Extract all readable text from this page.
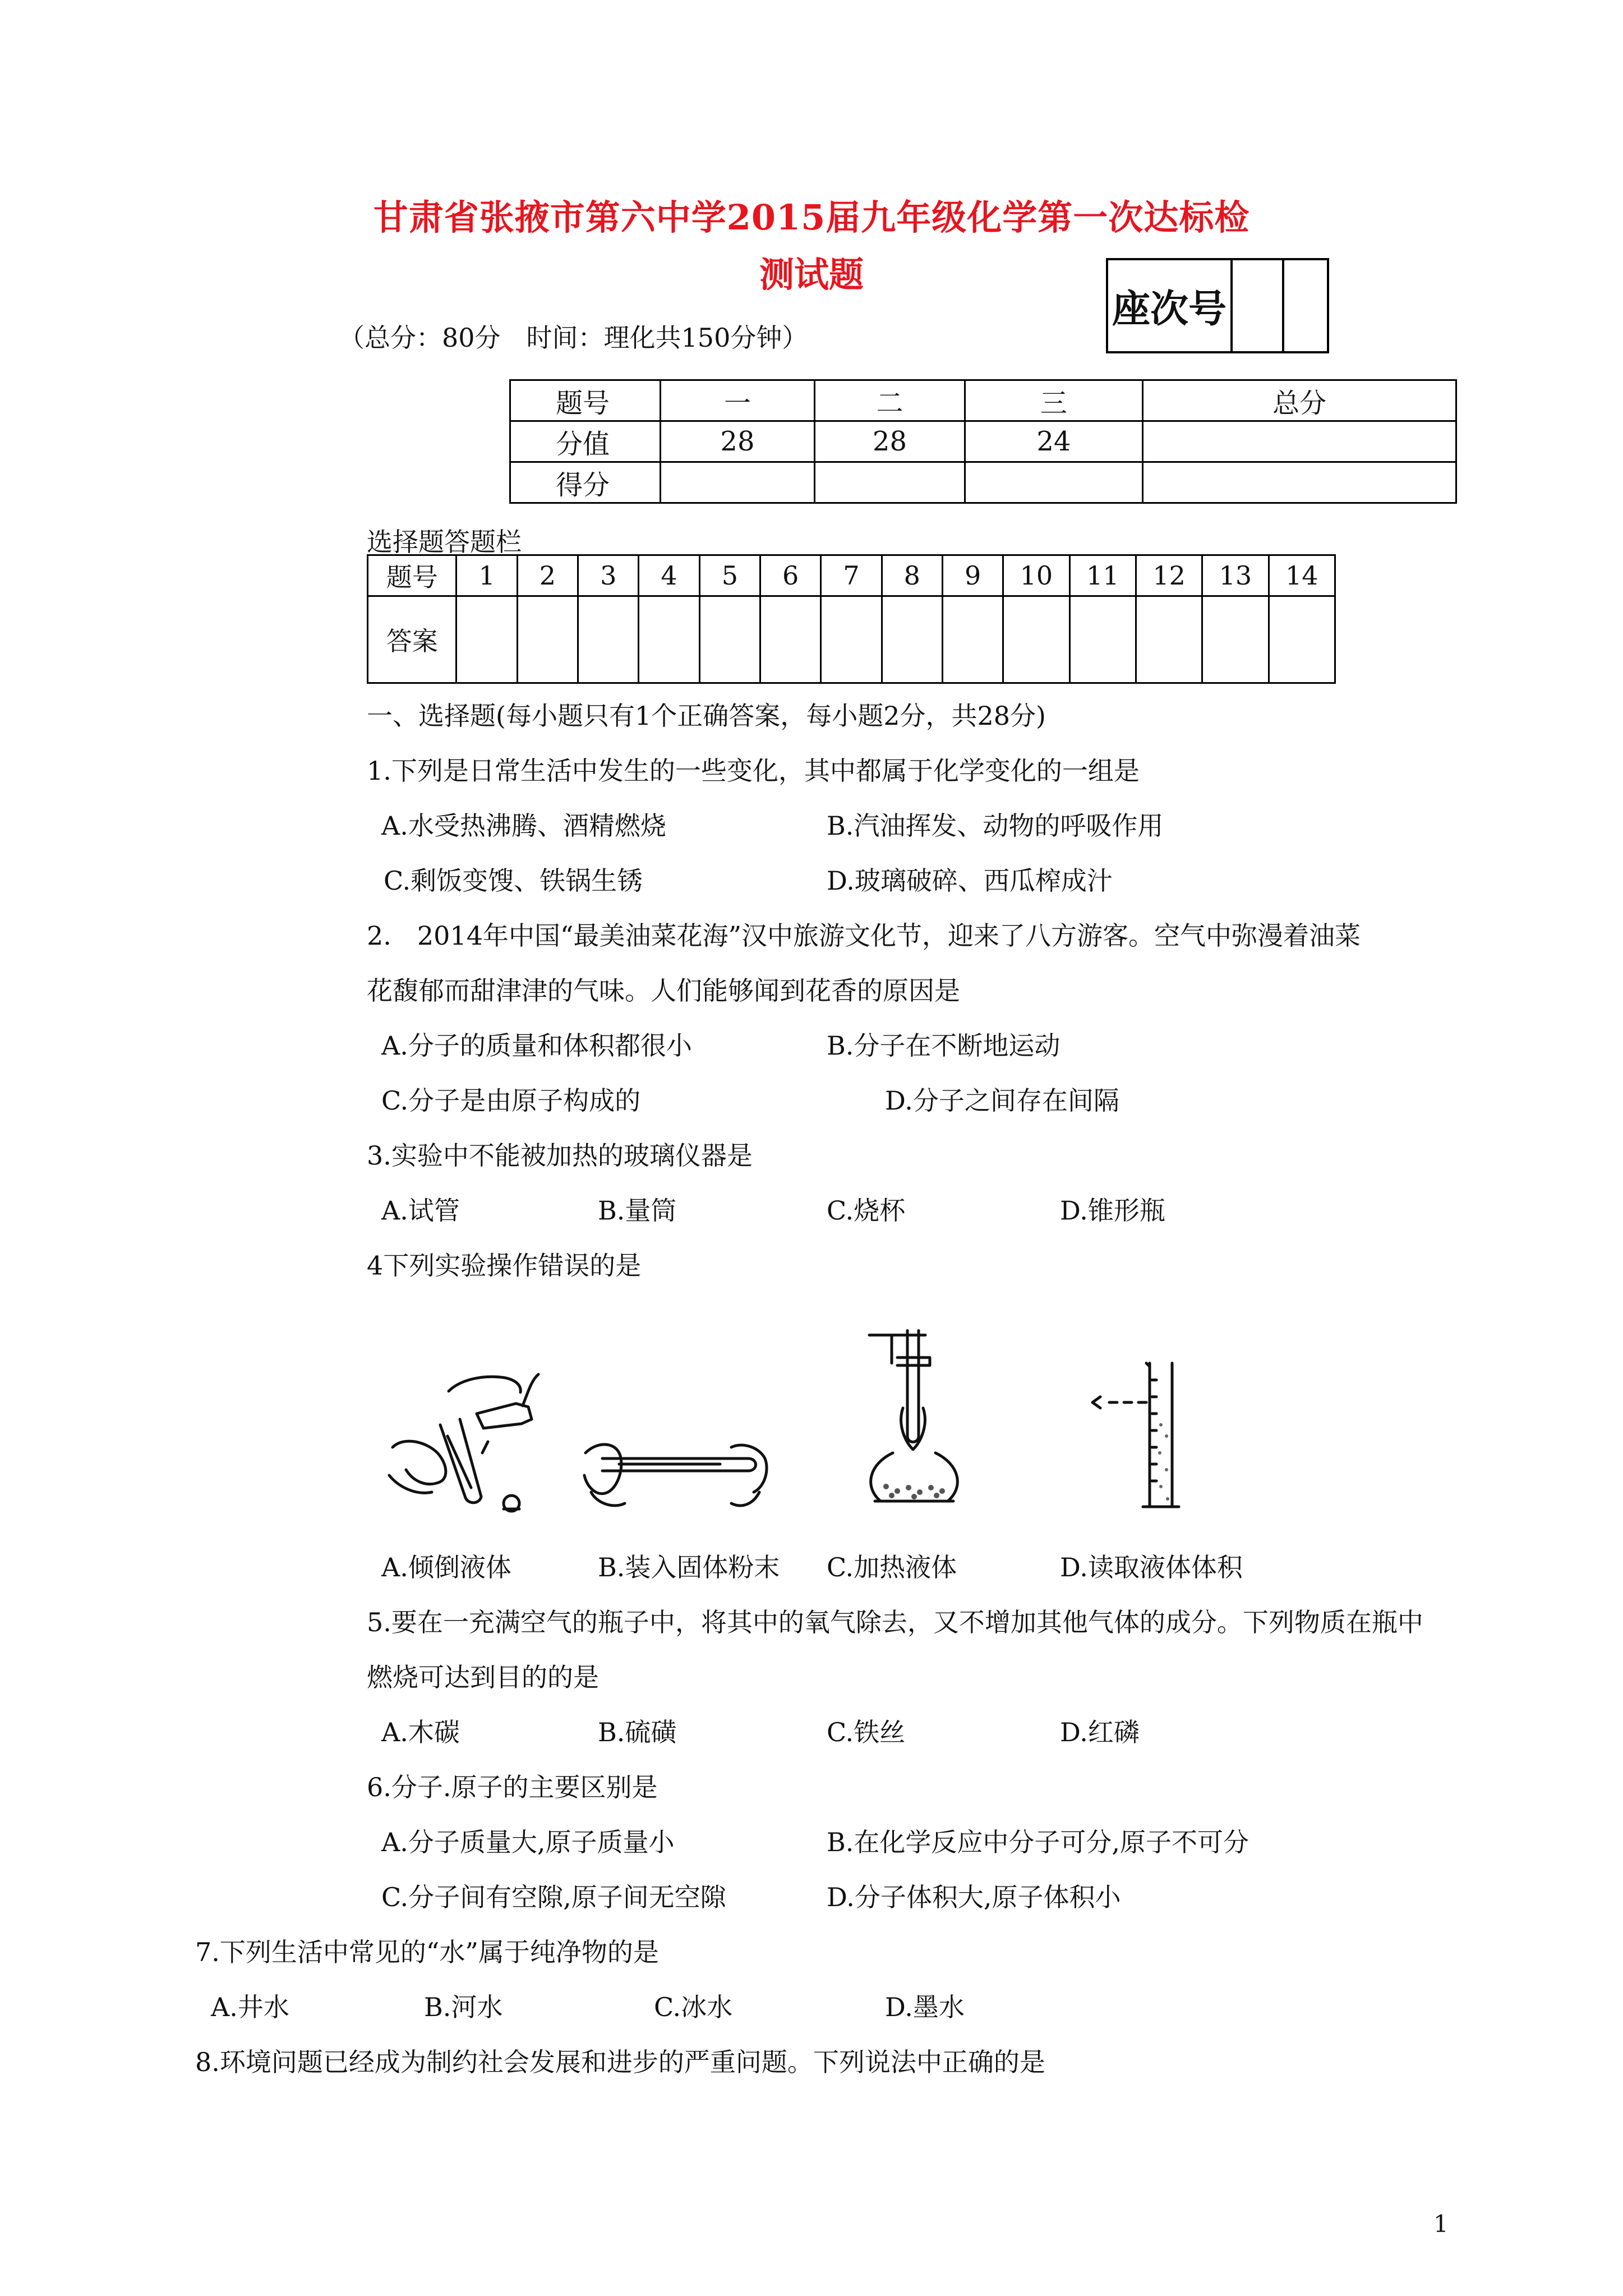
甘肃省张掖市第六中学2015届九年级化学第一次达标检
测试题
座次号
（总分：80分　时间：理化共150分钟）
题号	一	二	三	总分
分值	28	28	24	
得分				
选择题答题栏
题号	1	2	3	4	5	6	7	8	9	10	11	12	13	14
答案														
一、选择题(每小题只有1个正确答案，每小题2分，共28分)
1.下列是日常生活中发生的一些变化，其中都属于化学变化的一组是
A.水受热沸腾、酒精燃烧	B.汽油挥发、动物的呼吸作用
C.剩饭变馊、铁锅生锈	D.玻璃破碎、西瓜榨成汁
2.　2014年中国“最美油菜花海”汉中旅游文化节，迎来了八方游客。空气中弥漫着油菜
花馥郁而甜津津的气味。人们能够闻到花香的原因是
A.分子的质量和体积都很小	B.分子在不断地运动
C.分子是由原子构成的	D.分子之间存在间隔
3.实验中不能被加热的玻璃仪器是
A.试管	B.量筒	C.烧杯	D.锥形瓶
4下列实验操作错误的是
A.倾倒液体	B.装入固体粉末 C.加热液体	D.读取液体体积
5.要在一充满空气的瓶子中，将其中的氧气除去，又不增加其他气体的成分。下列物质在瓶中
燃烧可达到目的的是
A.木碳	B.硫磺	C.铁丝	D.红磷
6.分子.原子的主要区别是
A.分子质量大,原子质量小	B.在化学反应中分子可分,原子不可分
C.分子间有空隙,原子间无空隙	D.分子体积大,原子体积小
7.下列生活中常见的“水”属于纯净物的是
A.井水	B.河水	C.冰水	D.墨水
8.环境问题已经成为制约社会发展和进步的严重问题。下列说法中正确的是
1
